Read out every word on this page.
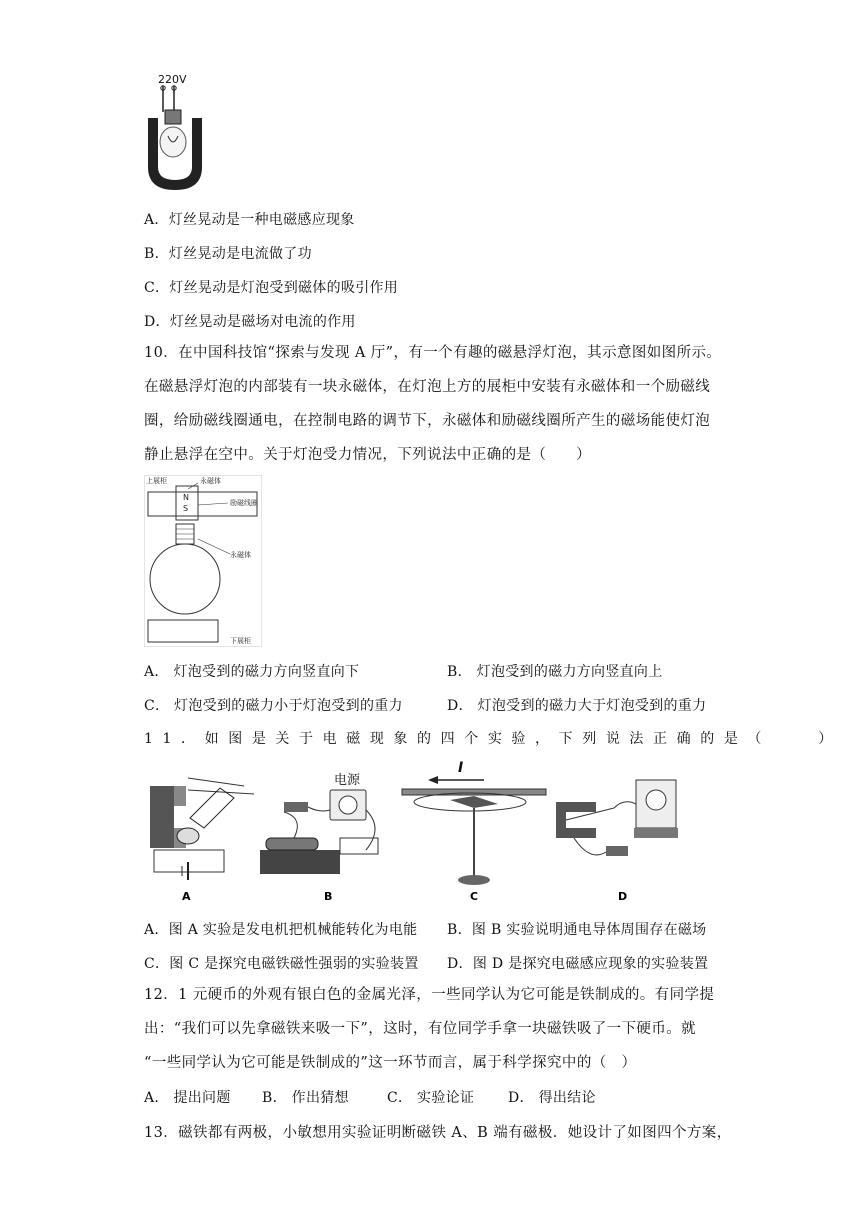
220V
A．灯丝晃动是一种电磁感应现象
B．灯丝晃动是电流做了功
C．灯丝晃动是灯泡受到磁体的吸引作用
D．灯丝晃动是磁场对电流的作用

10．在中国科技馆“探索与发现 A 厅”，有一个有趣的磁悬浮灯泡，其示意图如图所示。

在磁悬浮灯泡的内部装有一块永磁体，在灯泡上方的展柜中安装有永磁体和一个励磁线

圈，给励磁线圈通电，在控制电路的调节下，永磁体和励磁线圈所产生的磁场能使灯泡

静止悬浮在空中。关于灯泡受力情况，下列说法中正确的是（　　）

上展柜	永磁体
励磁线圈
N
S
永磁体
下展柜
A． 灯泡受到的磁力方向竖直向下	B． 灯泡受到的磁力方向竖直向上
C． 灯泡受到的磁力小于灯泡受到的重力	D． 灯泡受到的磁力大于灯泡受到的重力
11．如图是关于电磁现象的四个实验，下列说法正确的是（　　）
A
电源
B
I
C	D
A．图 A 实验是发电机把机械能转化为电能 B．图 B 实验说明通电导体周围存在磁场
C．图 C 是探究电磁铁磁性强弱的实验装置 D．图 D 是探究电磁感应现象的实验装置

12．1 元硬币的外观有银白色的金属光泽，一些同学认为它可能是铁制成的。有同学提

出：“我们可以先拿磁铁来吸一下”，这时，有位同学手拿一块磁铁吸了一下硬币。就

“一些同学认为它可能是铁制成的”这一环节而言，属于科学探究中的（　）

A． 提出问题 B． 作出猜想	C． 实验论证 D． 得出结论
13．磁铁都有两极，小敏想用实验证明断磁铁 A、B 端有磁极．她设计了如图四个方案，
